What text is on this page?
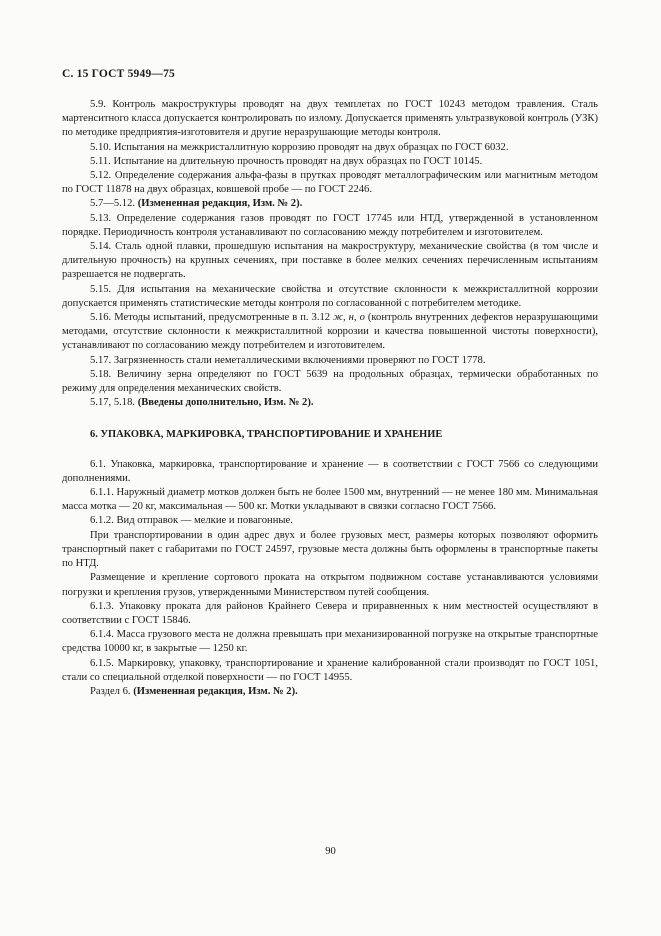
С. 15 ГОСТ 5949—75

5.9. Контроль макроструктуры проводят на двух темплетах по ГОСТ 10243 методом травления. Сталь мартенситного класса допускается контролировать по излому. Допускается применять ультразвуковой контроль (УЗК) по методике предприятия-изготовителя и другие неразрушающие методы контроля.

5.10. Испытания на межкристаллитную коррозию проводят на двух образцах по ГОСТ 6032.

5.11. Испытание на длительную прочность проводят на двух образцах по ГОСТ 10145.

5.12. Определение содержания альфа-фазы в прутках проводят металлографическим или магнитным методом по ГОСТ 11878 на двух образцах, ковшевой пробе — по ГОСТ 2246.

5.7—5.12. (Измененная редакция, Изм. № 2).

5.13. Определение содержания газов проводят по ГОСТ 17745 или НТД, утвержденной в установленном порядке. Периодичность контроля устанавливают по согласованию между потребителем и изготовителем.

5.14. Сталь одной плавки, прошедшую испытания на макроструктуру, механические свойства (в том числе и длительную прочность) на крупных сечениях, при поставке в более мелких сечениях перечисленным испытаниям разрешается не подвергать.

5.15. Для испытания на механические свойства и отсутствие склонности к межкристаллитной коррозии допускается применять статистические методы контроля по согласованной с потребителем методике.

5.16. Методы испытаний, предусмотренные в п. 3.12 ж, н, о (контроль внутренних дефектов неразрушающими методами, отсутствие склонности к межкристаллитной коррозии и качества повышенной чистоты поверхности), устанавливают по согласованию между потребителем и изготовителем.

5.17. Загрязненность стали неметаллическими включениями проверяют по ГОСТ 1778.

5.18. Величину зерна определяют по ГОСТ 5639 на продольных образцах, термически обработанных по режиму для определения механических свойств.

5.17, 5.18. (Введены дополнительно, Изм. № 2).

6. УПАКОВКА, МАРКИРОВКА, ТРАНСПОРТИРОВАНИЕ И ХРАНЕНИЕ

6.1. Упаковка, маркировка, транспортирование и хранение — в соответствии с ГОСТ 7566 со следующими дополнениями.

6.1.1. Наружный диаметр мотков должен быть не более 1500 мм, внутренний — не менее 180 мм. Минимальная масса мотка — 20 кг, максимальная — 500 кг. Мотки укладывают в связки согласно ГОСТ 7566.

6.1.2. Вид отправок — мелкие и повагонные.

При транспортировании в один адрес двух и более грузовых мест, размеры которых позволяют оформить транспортный пакет с габаритами по ГОСТ 24597, грузовые места должны быть оформлены в транспортные пакеты по НТД.

Размещение и крепление сортового проката на открытом подвижном составе устанавливаются условиями погрузки и крепления грузов, утвержденными Министерством путей сообщения.

6.1.3. Упаковку проката для районов Крайнего Севера и приравненных к ним местностей осуществляют в соответствии с ГОСТ 15846.

6.1.4. Масса грузового места не должна превышать при механизированной погрузке на открытые транспортные средства 10000 кг, в закрытые — 1250 кг.

6.1.5. Маркировку, упаковку, транспортирование и хранение калиброванной стали производят по ГОСТ 1051, стали со специальной отделкой поверхности — по ГОСТ 14955.

Раздел 6. (Измененная редакция, Изм. № 2).

90
